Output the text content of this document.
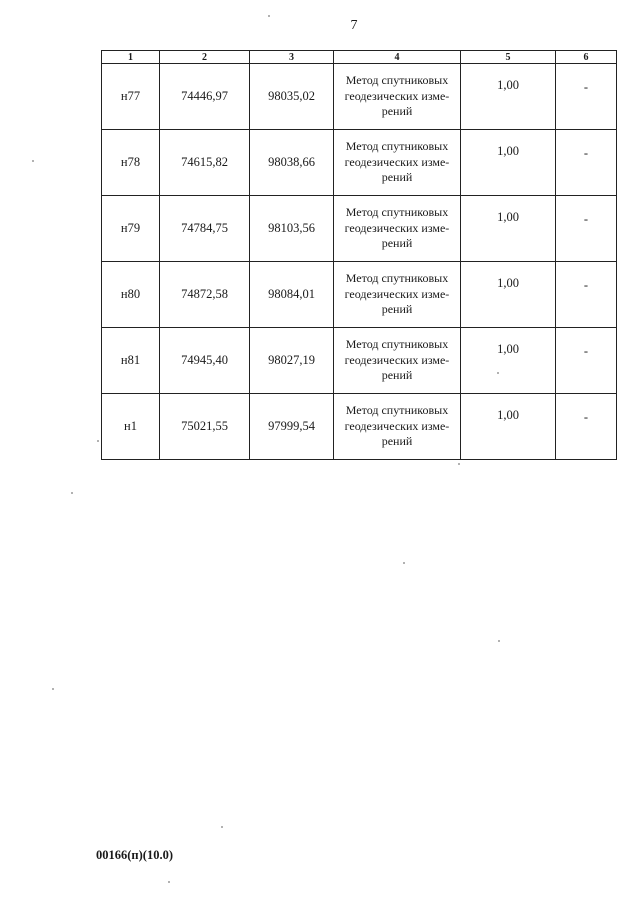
7
1	2	3	4	5	6
н77	74446,97	98035,02	Метод спутниковых
геодезических изме-
рений	1,00	-
н78	74615,82	98038,66	Метод спутниковых
геодезических изме-
рений	1,00	-
н79	74784,75	98103,56	Метод спутниковых
геодезических изме-
рений	1,00	-
н80	74872,58	98084,01	Метод спутниковых
геодезических изме-
рений	1,00	-
н81	74945,40	98027,19	Метод спутниковых
геодезических изме-
рений	1,00	-
н1	75021,55	97999,54	Метод спутниковых
геодезических изме-
рений	1,00	-
00166(п)(10.0)
